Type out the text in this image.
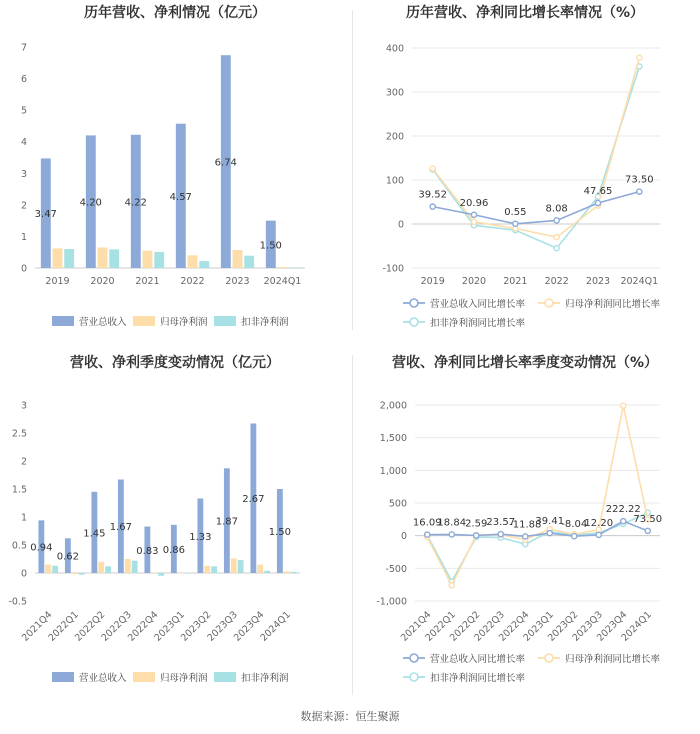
历年营收、净利情况（亿元）
0
1
2
3
4
5
6
7
2019 2020 2021 2022 2023 2024Q1
3.47
4.20 4.22
4.57
6.74
1.50
营业总收入	归母净利润	扣非净利润
历年营收、净利同比增长率情况（%）
-100
0
100
200
300
400
2019 2020 2021 2022 2023 2024Q1
39.52
20.96
0.55 8.08
47.65
73.50
营业总收入同比增长率	归母净利润同比增长率
扣非净利润同比增长率
营收、净利季度变动情况（亿元）
-0.5
0
0.5
1
1.5
2
2.5
3
2021Q4
2022Q1
2022Q2
2022Q3
2022Q4
2023Q1
2023Q2
2023Q3
2023Q4
2024Q1
0.94
0.62
1.45
1.67
0.83 0.86
1.33
1.87
2.67
1.50
营业总收入	归母净利润	扣非净利润
营收、净利同比增长率季度变动情况（%）
-1,000
-500
0
500
1,000
1,500
2,000
2021Q4
2022Q1
2022Q2
2022Q3
2022Q4
2023Q1
2023Q2
2023Q3
2023Q4
2024Q1
16.09
18.84 2.59 23.57
-11.88
39.41
-8.04
12.20
222.22
73.50
营业总收入同比增长率	归母净利润同比增长率
扣非净利润同比增长率
数据来源：恒生聚源
